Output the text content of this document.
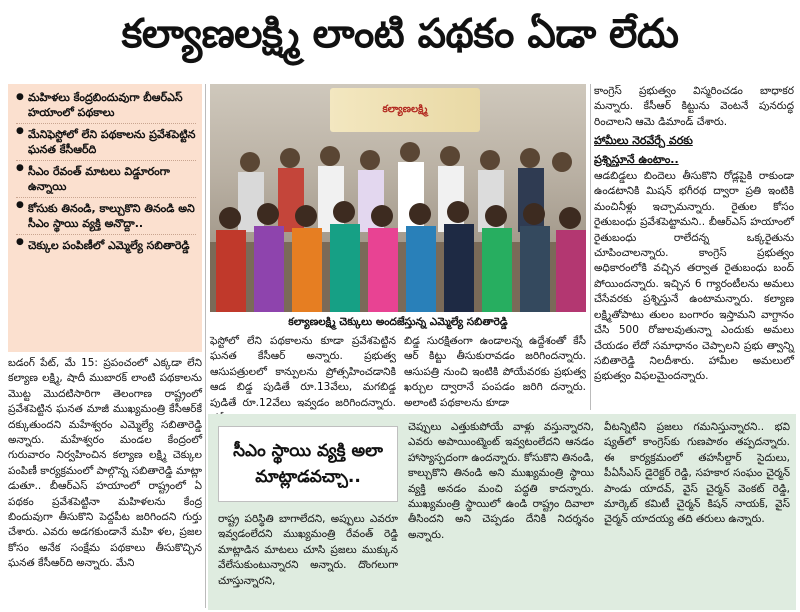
కల్యాణలక్ష్మి లాంటి పథకం ఏడా లేదు
● మహిళలు కేంద్రబిందువుగా బీఆర్ఎస్ హయాంలో పథకాలు
● మేనిఫెస్టోలో లేని పథకాలను ప్రవేశపెట్టిన ఘనత కేసీఆర్‌ది
● సీఎం రేవంత్ మాటలు విడ్డూరంగా ఉన్నాయి
● కోసుకు తినండి, కాల్చుకొని తినండి అని సీఎం స్థాయి వ్యక్తి అనొద్దా..
● చెక్కుల పంపిణీలో ఎమ్మెల్యే సబితారెడ్డి
కల్యాణలక్ష్మి
కల్యాణలక్ష్మి చెక్కులు అందజేస్తున్న ఎమ్మెల్యే సబితారెడ్డి

బడంగ్ పేట్, మే 15: ప్రపంచంలో ఎక్కడా లేని కల్యాణ లక్ష్మి, షాదీ ముబారక్ లాంటి పథకాలను మొట్ట మొదటిసారిగా తెలంగాణ రాష్ట్రంలో ప్రవేశపెట్టిన ఘనత మాజీ ముఖ్యమంత్రి కేసీఆర్‌కే దక్కుతుందని మహేశ్వరం ఎమ్మెల్యే సబితారెడ్డి అన్నారు. మహేశ్వరం మండల కేంద్రంలో గురువారం నిర్వహించిన కల్యాణ లక్ష్మి చెక్కుల పంపిణీ కార్యక్రమంలో పాల్గొన్న సబితారెడ్డి మాట్లా డుతూ.. బీఆర్ఎస్ హయాంలో రాష్ట్రంలో ఏ పథకం ప్రవేశపెట్టినా మహిళలను కేంద్ర బిందువుగా తీసుకొని పెద్దపీట జరిగిందని గుర్తు చేశారు. ఎవరు అడగకుండానే మహి ళల, ప్రజల కోసం అనేక సంక్షేమ పథకాలు తీసుకొచ్చిన ఘనత కేసీఆర్‌ది అన్నారు. మేని

ఫెస్టోలో లేని పథకాలను కూడా ప్రవేశపెట్టిన ఘనత కేసీఆర్ అన్నారు. ప్రభుత్వ ఆసుపత్రులలో కాన్పులను ప్రోత్సహించడానికి ఆడ బిడ్డ పుడితే రూ.13వేలు, మగబిడ్డ పుడితే రూ.12వేలు ఇవ్వడం జరిగిందన్నారు.

బిడ్డ సురక్షితంగా ఉండాలన్న ఉద్దేశంతో కేసీ ఆర్ కిట్టు తీసుకురావడం జరిగిందన్నారు. ఆసుపత్రి నుంచి ఇంటికి పోయేవరకు ప్రభుత్వ ఖర్చుల ద్వారానే పంపడం జరిగి దన్నారు. అలాంటి పథకాలను కూడా

కాంగ్రెస్ ప్రభుత్వం విస్మరించడం బాధాకర మన్నారు. కేసీఆర్ కిట్టును వెంటనే పునరుద్ధ రించాలని ఆమె డిమాండ్ చేశారు.

హామీలు నెరవేర్చే వరకు
ప్రశ్నిస్తూనే ఉంటాం..

ఆడబిడ్డలు బిందెలు తీసుకొని రోడ్లపైకి రాకుండా ఉండటానికి మిషన్ భగీరథ ద్వారా ప్రతి ఇంటికి మంచినీళ్లు ఇచ్చామన్నారు. రైతుల కోసం రైతుబంధు ప్రవేశపెట్టామని.. బీఆర్ఎస్ హయాంలో రైతుబంధు రాలేదన్న ఒక్కరైతును చూపించాలన్నారు. కాంగ్రెస్ ప్రభుత్వం అధికారంలోకి వచ్చిన తర్వాత రైతుబంధు బంద్ పోయిందన్నారు. ఇచ్చిన 6 గ్యారంటీలను అమలు చేసేవరకు ప్రశ్నిస్తునే ఉంటామన్నారు. కల్యాణ లక్ష్మితోపాటు తులం బంగారం ఇస్తామని వాగ్దానం చేసి 500 రోజులవుతున్నా ఎందుకు అమలు చేయడం లేదో సమాధానం చెప్పాలని ప్రభు త్వాన్ని సబితారెడ్డి నిలదీశారు. హామీల అమలులో ప్రభుత్వం విఫలమైందన్నారు.

సీఎం స్థాయి వ్యక్తి అలా
మాట్లాడవచ్చా..
రాష్ట్ర పరిస్థితి బాగాలేదని, అప్పులు ఎవరూ ఇవ్వడంలేదని ముఖ్యమంత్రి రేవంత్ రెడ్డి మాట్లాడిన మాటలు చూసి ప్రజలు ముక్కున వేలేసుకుంటున్నారని అన్నారు. దొంగలుగా చూస్తున్నారని,
చెప్పులు ఎత్తుకుపోయే వాళ్లు వస్తున్నారని, ఎవరు అపాయింట్మెంట్ ఇవ్వటంలేదని ఆనడం హాస్యాస్పదంగా ఉందన్నారు. కోసుకొని తినండి, కాల్చుకొని తినండి అని ముఖ్యమంత్రి స్థాయి వ్యక్తి అనడం మంచి పద్ధతి కాదన్నారు. ముఖ్యమంత్రి స్థాయిలో ఉండి రాష్ట్రం దివాలా తీసిందని అని చెప్పడం దేనికి నిదర్శనం అన్నారు.
వీటన్నిటిని ప్రజలు గమనిస్తున్నారని.. భవి ష్యత్‌లో కాంగ్రెస్‌కు గుణపాఠం తప్పదన్నారు. ఈ కార్యక్రమంలో తహసీల్దార్ సైదులు, పీఏసీఎస్ డైరెక్టర్ రెడ్డి, సహకార సంఘం చైర్మన్ పాండు యాదవ్, వైస్ చైర్మన్ వెంకట్ రెడ్డి, మార్కెట్ కమిటీ చైర్మన్ కిషన్ నాయక్, వైస్ చైర్మన్ యాదయ్య తది తరులు ఉన్నారు.
